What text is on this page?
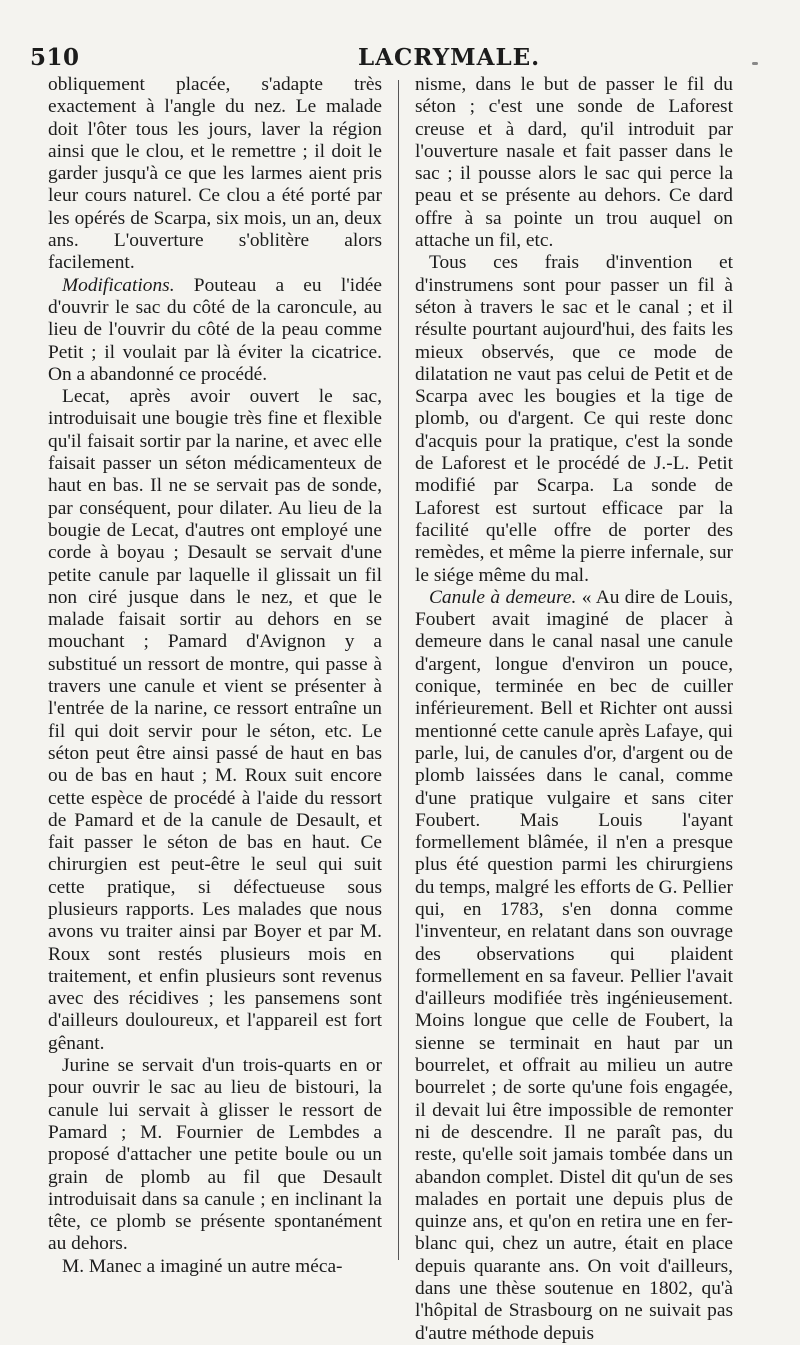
510	LACRYMALE.

obliquement placée, s'adapte très exactement à l'angle du nez. Le malade doit l'ôter tous les jours, laver la région ainsi que le clou, et le remettre ; il doit le garder jusqu'à ce que les larmes aient pris leur cours naturel. Ce clou a été porté par les opérés de Scarpa, six mois, un an, deux ans. L'ouverture s'oblitère alors facilement.

Modifications. Pouteau a eu l'idée d'ouvrir le sac du côté de la caroncule, au lieu de l'ouvrir du côté de la peau comme Petit ; il voulait par là éviter la cicatrice. On a abandonné ce procédé.

Lecat, après avoir ouvert le sac, introduisait une bougie très fine et flexible qu'il faisait sortir par la narine, et avec elle faisait passer un séton médicamenteux de haut en bas. Il ne se servait pas de sonde, par conséquent, pour dilater. Au lieu de la bougie de Lecat, d'autres ont employé une corde à boyau ; Desault se servait d'une petite canule par laquelle il glissait un fil non ciré jusque dans le nez, et que le malade faisait sortir au dehors en se mouchant ; Pamard d'Avignon y a substitué un ressort de montre, qui passe à travers une canule et vient se présenter à l'entrée de la narine, ce ressort entraîne un fil qui doit servir pour le séton, etc. Le séton peut être ainsi passé de haut en bas ou de bas en haut ; M. Roux suit encore cette espèce de procédé à l'aide du ressort de Pamard et de la canule de Desault, et fait passer le séton de bas en haut. Ce chirurgien est peut-être le seul qui suit cette pratique, si défectueuse sous plusieurs rapports. Les malades que nous avons vu traiter ainsi par Boyer et par M. Roux sont restés plusieurs mois en traitement, et enfin plusieurs sont revenus avec des récidives ; les pansemens sont d'ailleurs douloureux, et l'appareil est fort gênant.

Jurine se servait d'un trois-quarts en or pour ouvrir le sac au lieu de bistouri, la canule lui servait à glisser le ressort de Pamard ; M. Fournier de Lembdes a proposé d'attacher une petite boule ou un grain de plomb au fil que Desault introduisait dans sa canule ; en inclinant la tête, ce plomb se présente spontanément au dehors.

M. Manec a imaginé un autre méca-

nisme, dans le but de passer le fil du séton ; c'est une sonde de Laforest creuse et à dard, qu'il introduit par l'ouverture nasale et fait passer dans le sac ; il pousse alors le sac qui perce la peau et se présente au dehors. Ce dard offre à sa pointe un trou auquel on attache un fil, etc.

Tous ces frais d'invention et d'instrumens sont pour passer un fil à séton à travers le sac et le canal ; et il résulte pourtant aujourd'hui, des faits les mieux observés, que ce mode de dilatation ne vaut pas celui de Petit et de Scarpa avec les bougies et la tige de plomb, ou d'argent. Ce qui reste donc d'acquis pour la pratique, c'est la sonde de Laforest et le procédé de J.-L. Petit modifié par Scarpa. La sonde de Laforest est surtout efficace par la facilité qu'elle offre de porter des remèdes, et même la pierre infernale, sur le siége même du mal.

Canule à demeure. « Au dire de Louis, Foubert avait imaginé de placer à demeure dans le canal nasal une canule d'argent, longue d'environ un pouce, conique, terminée en bec de cuiller inférieurement. Bell et Richter ont aussi mentionné cette canule après Lafaye, qui parle, lui, de canules d'or, d'argent ou de plomb laissées dans le canal, comme d'une pratique vulgaire et sans citer Foubert. Mais Louis l'ayant formellement blâmée, il n'en a presque plus été question parmi les chirurgiens du temps, malgré les efforts de G. Pellier qui, en 1783, s'en donna comme l'inventeur, en relatant dans son ouvrage des observations qui plaident formellement en sa faveur. Pellier l'avait d'ailleurs modifiée très ingénieusement. Moins longue que celle de Foubert, la sienne se terminait en haut par un bourrelet, et offrait au milieu un autre bourrelet ; de sorte qu'une fois engagée, il devait lui être impossible de remonter ni de descendre. Il ne paraît pas, du reste, qu'elle soit jamais tombée dans un abandon complet. Distel dit qu'un de ses malades en portait une depuis plus de quinze ans, et qu'on en retira une en fer-blanc qui, chez un autre, était en place depuis quarante ans. On voit d'ailleurs, dans une thèse soutenue en 1802, qu'à l'hôpital de Strasbourg on ne suivait pas d'autre méthode depuis
